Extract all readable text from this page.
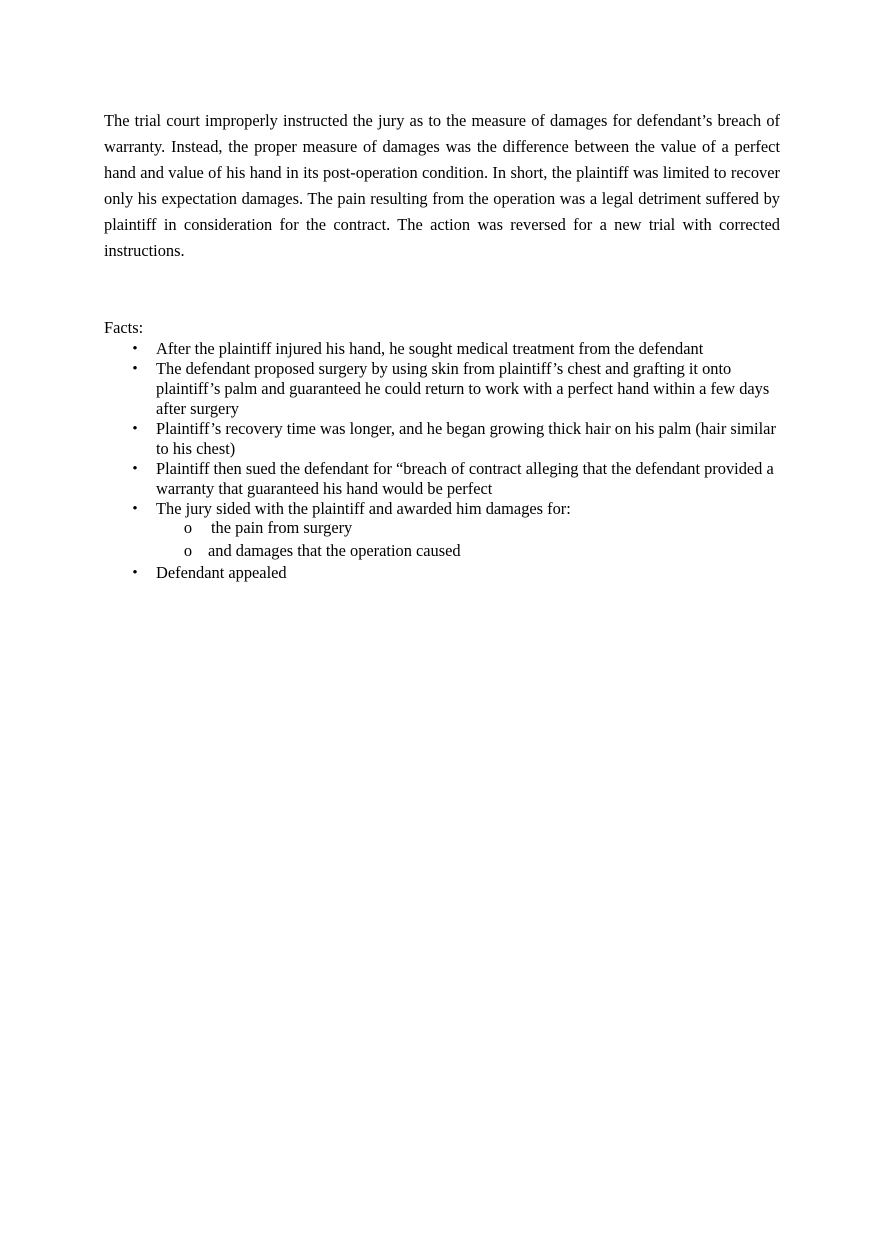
The trial court improperly instructed the jury as to the measure of damages for defendant’s breach of warranty. Instead, the proper measure of damages was the difference between the value of a perfect hand and value of his hand in its post-operation condition. In short, the plaintiff was limited to recover only his expectation damages. The pain resulting from the operation was a legal detriment suffered by plaintiff in consideration for the contract. The action was reversed for a new trial with corrected instructions.

Facts:

• After the plaintiff injured his hand, he sought medical treatment from the defendant
• The defendant proposed surgery by using skin from plaintiff’s chest and grafting it onto plaintiff’s palm and guaranteed he could return to work with a perfect hand within a few days after surgery
• Plaintiff’s recovery time was longer, and he began growing thick hair on his palm (hair similar to his chest)
• Plaintiff then sued the defendant for “breach of contract alleging that the defendant provided a warranty that guaranteed his hand would be perfect
• The jury sided with the plaintiff and awarded him damages for:
o the pain from surgery
o and damages that the operation caused
• Defendant appealed
